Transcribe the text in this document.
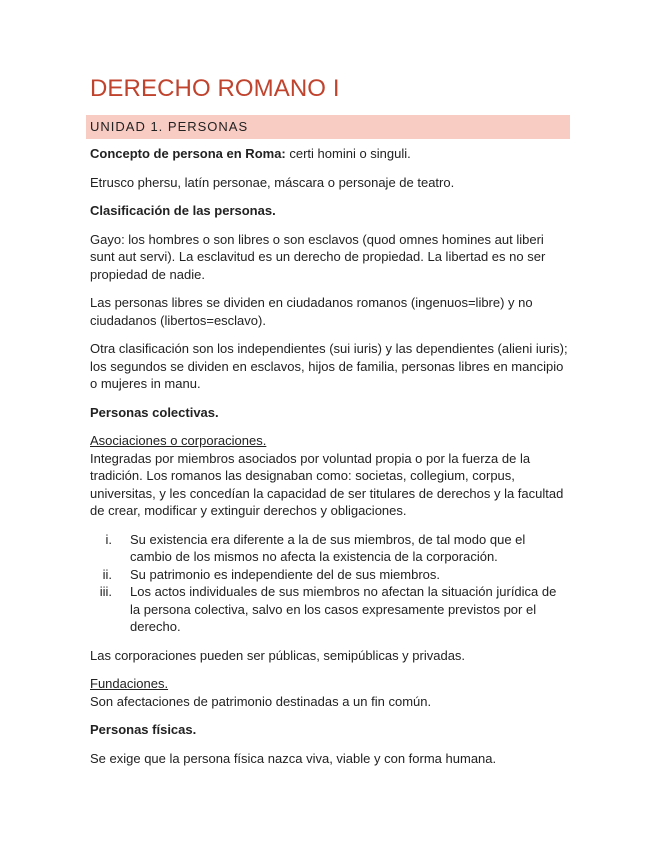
DERECHO ROMANO I
UNIDAD 1. PERSONAS

Concepto de persona en Roma: certi homini o singuli.

Etrusco phersu, latín personae, máscara o personaje de teatro.

Clasificación de las personas.

Gayo: los hombres o son libres o son esclavos (quod omnes homines aut liberi sunt aut servi). La esclavitud es un derecho de propiedad. La libertad es no ser propiedad de nadie.

Las personas libres se dividen en ciudadanos romanos (ingenuos=libre) y no ciudadanos (libertos=esclavo).

Otra clasificación son los independientes (sui iuris) y las dependientes (alieni iuris); los segundos se dividen en esclavos, hijos de familia, personas libres en mancipio o mujeres in manu.

Personas colectivas.

Asociaciones o corporaciones.
Integradas por miembros asociados por voluntad propia o por la fuerza de la tradición. Los romanos las designaban como: societas, collegium, corpus, universitas, y les concedían la capacidad de ser titulares de derechos y la facultad de crear, modificar y extinguir derechos y obligaciones.

i. Su existencia era diferente a la de sus miembros, de tal modo que el cambio de los mismos no afecta la existencia de la corporación.
ii. Su patrimonio es independiente del de sus miembros.
iii. Los actos individuales de sus miembros no afectan la situación jurídica de la persona colectiva, salvo en los casos expresamente previstos por el derecho.

Las corporaciones pueden ser públicas, semipúblicas y privadas.

Fundaciones.
Son afectaciones de patrimonio destinadas a un fin común.

Personas físicas.

Se exige que la persona física nazca viva, viable y con forma humana.
